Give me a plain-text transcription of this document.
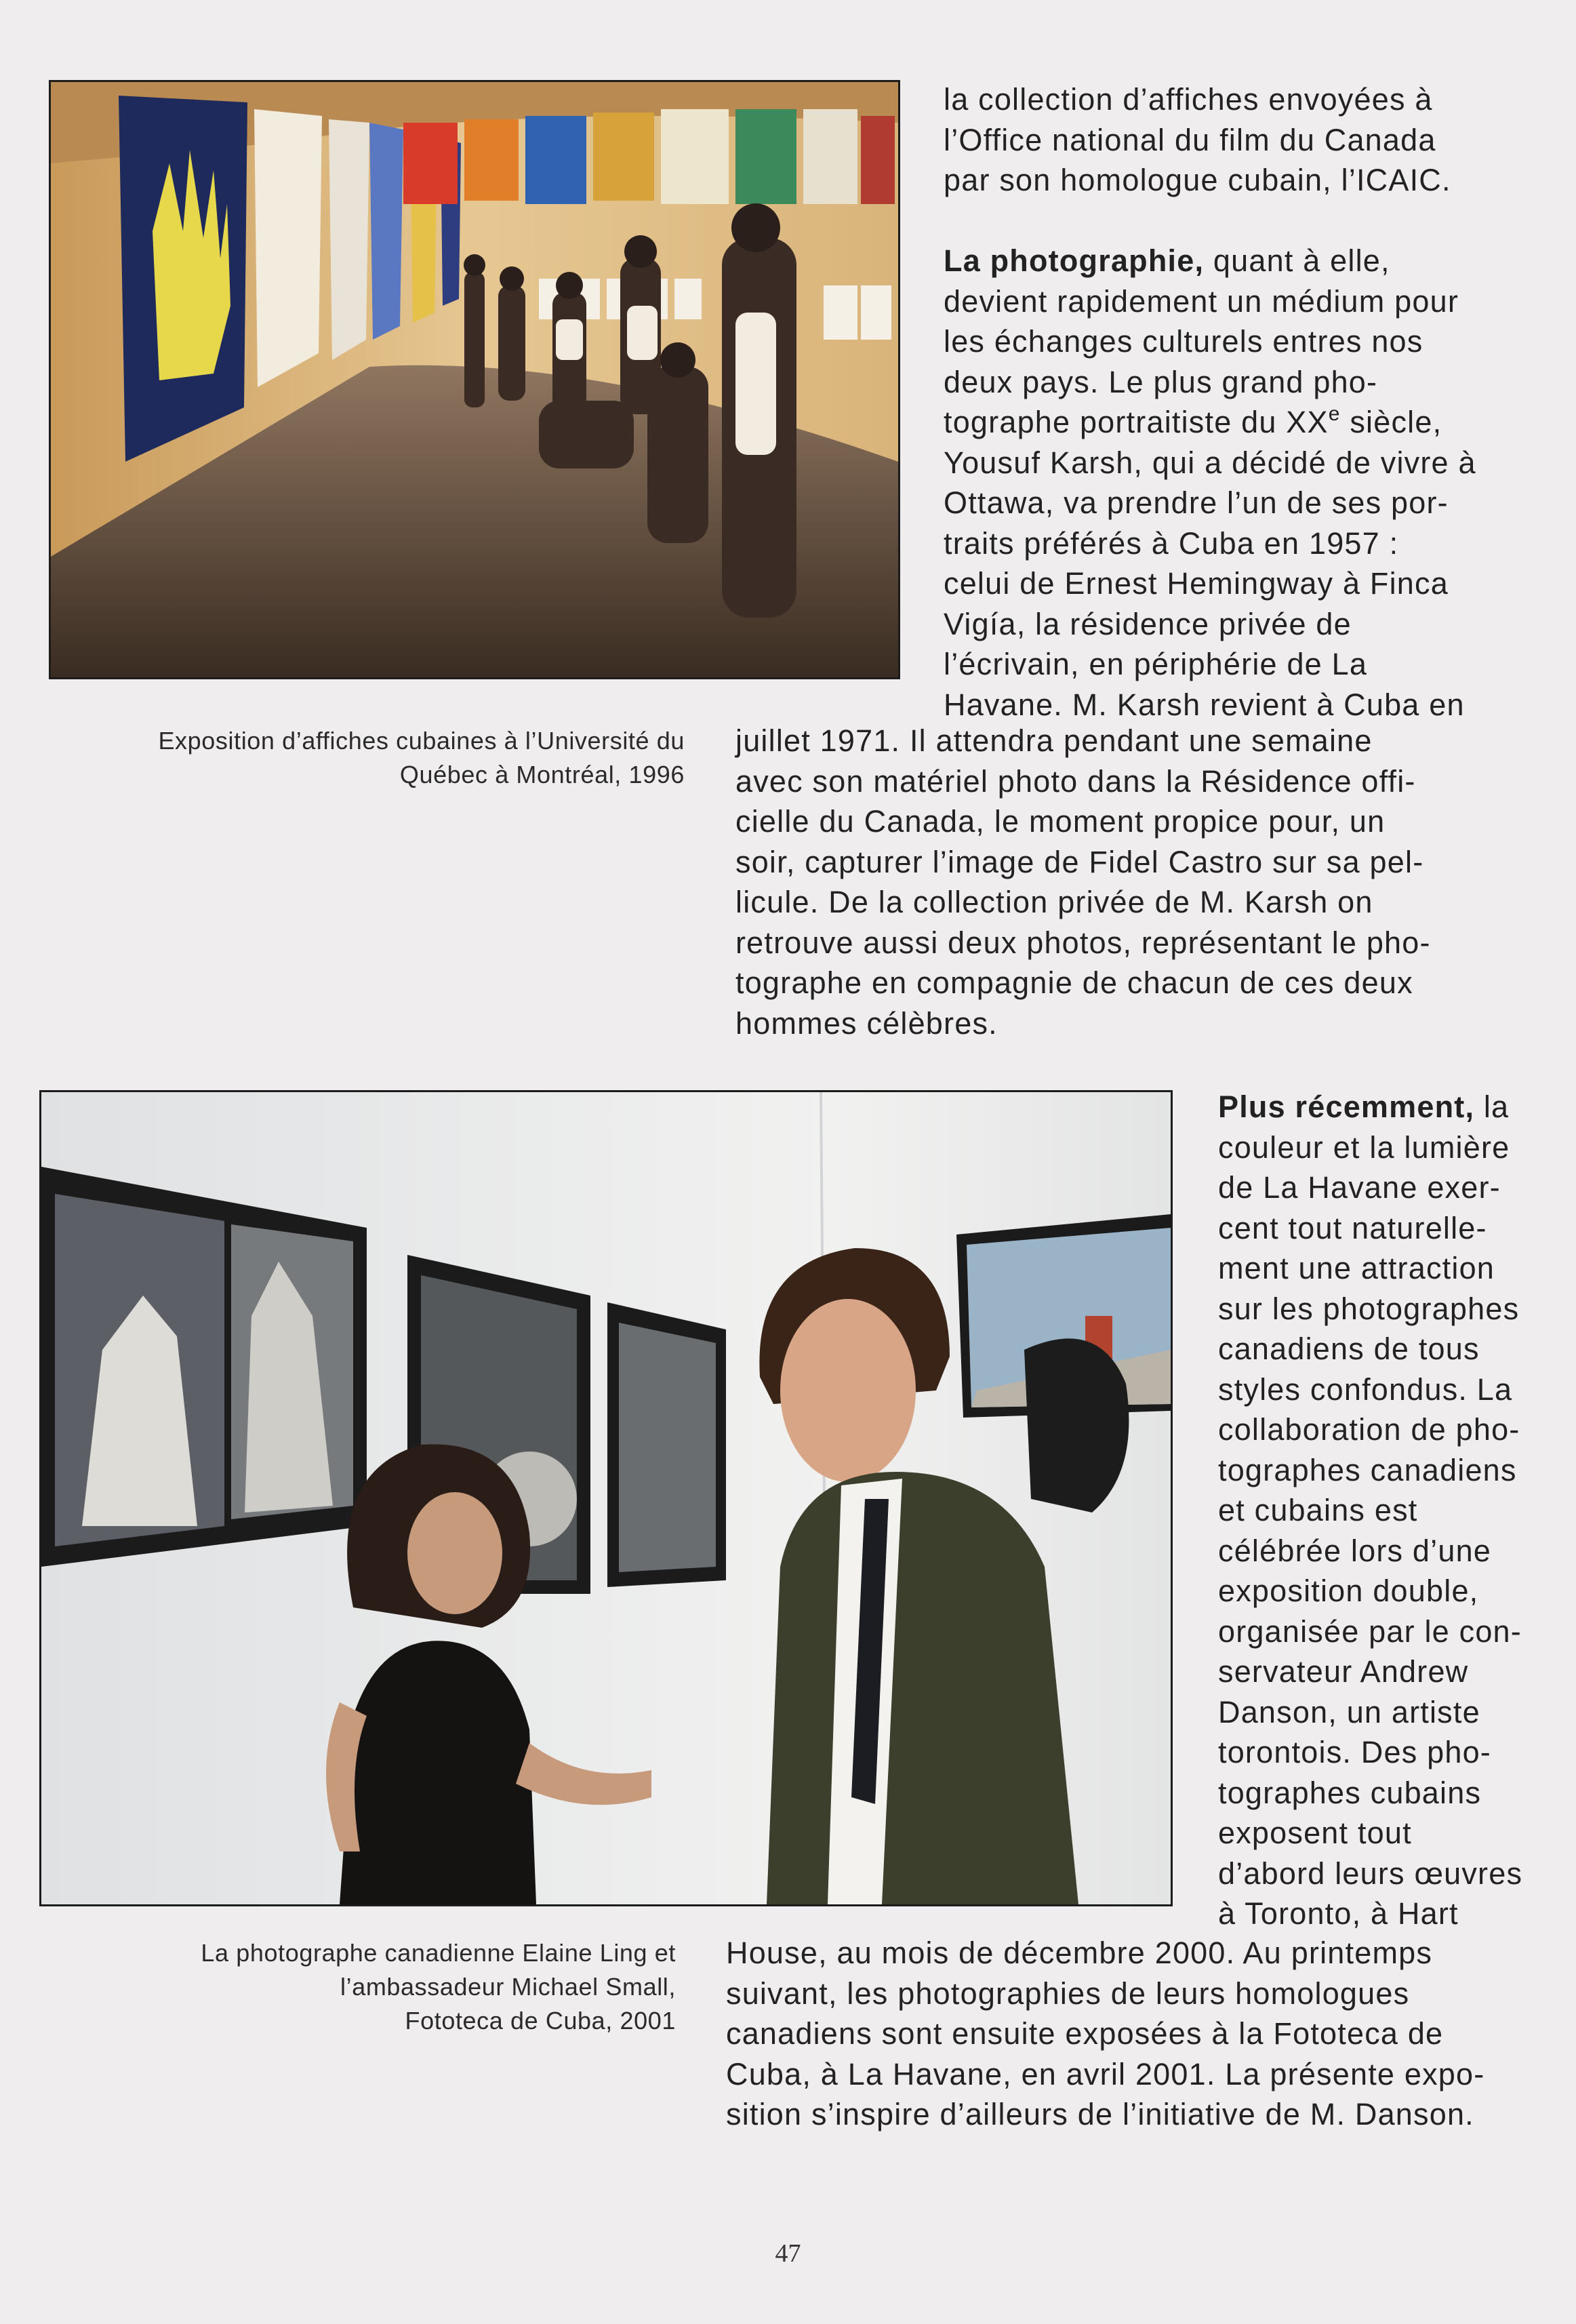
Exposition d’affiches cubaines à l’Université du
Québec à Montréal, 1996
la collection d’affiches envoyées à
l’Office national du film du Canada
par son homologue cubain, l’ICAIC.
La photographie, quant à elle,
devient rapidement un médium pour
les échanges culturels entres nos
deux pays. Le plus grand pho-
tographe portraitiste du XXe siècle,
Yousuf Karsh, qui a décidé de vivre à
Ottawa, va prendre l’un de ses por-
traits préférés à Cuba en 1957 :
celui de Ernest Hemingway à Finca
Vigía, la résidence privée de
l’écrivain, en périphérie de La
Havane. M. Karsh revient à Cuba en
juillet 1971. Il attendra pendant une semaine
avec son matériel photo dans la Résidence offi-
cielle du Canada, le moment propice pour, un
soir, capturer l’image de Fidel Castro sur sa pel-
licule. De la collection privée de M. Karsh on
retrouve aussi deux photos, représentant le pho-
tographe en compagnie de chacun de ces deux
hommes célèbres.
Plus récemment, la
couleur et la lumière
de La Havane exer-
cent tout naturelle-
ment une attraction
sur les photographes
canadiens de tous
styles confondus. La
collaboration de pho-
tographes canadiens
et cubains est
célébrée lors d’une
exposition double,
organisée par le con-
servateur Andrew
Danson, un artiste
torontois. Des pho-
tographes cubains
exposent tout
d’abord leurs œuvres
à Toronto, à Hart
La photographe canadienne Elaine Ling et
l’ambassadeur Michael Small,
Fototeca de Cuba, 2001
House, au mois de décembre 2000. Au printemps
suivant, les photographies de leurs homologues
canadiens sont ensuite exposées à la Fototeca de
Cuba, à La Havane, en avril 2001. La présente expo-
sition s’inspire d’ailleurs de l’initiative de M. Danson.
47
